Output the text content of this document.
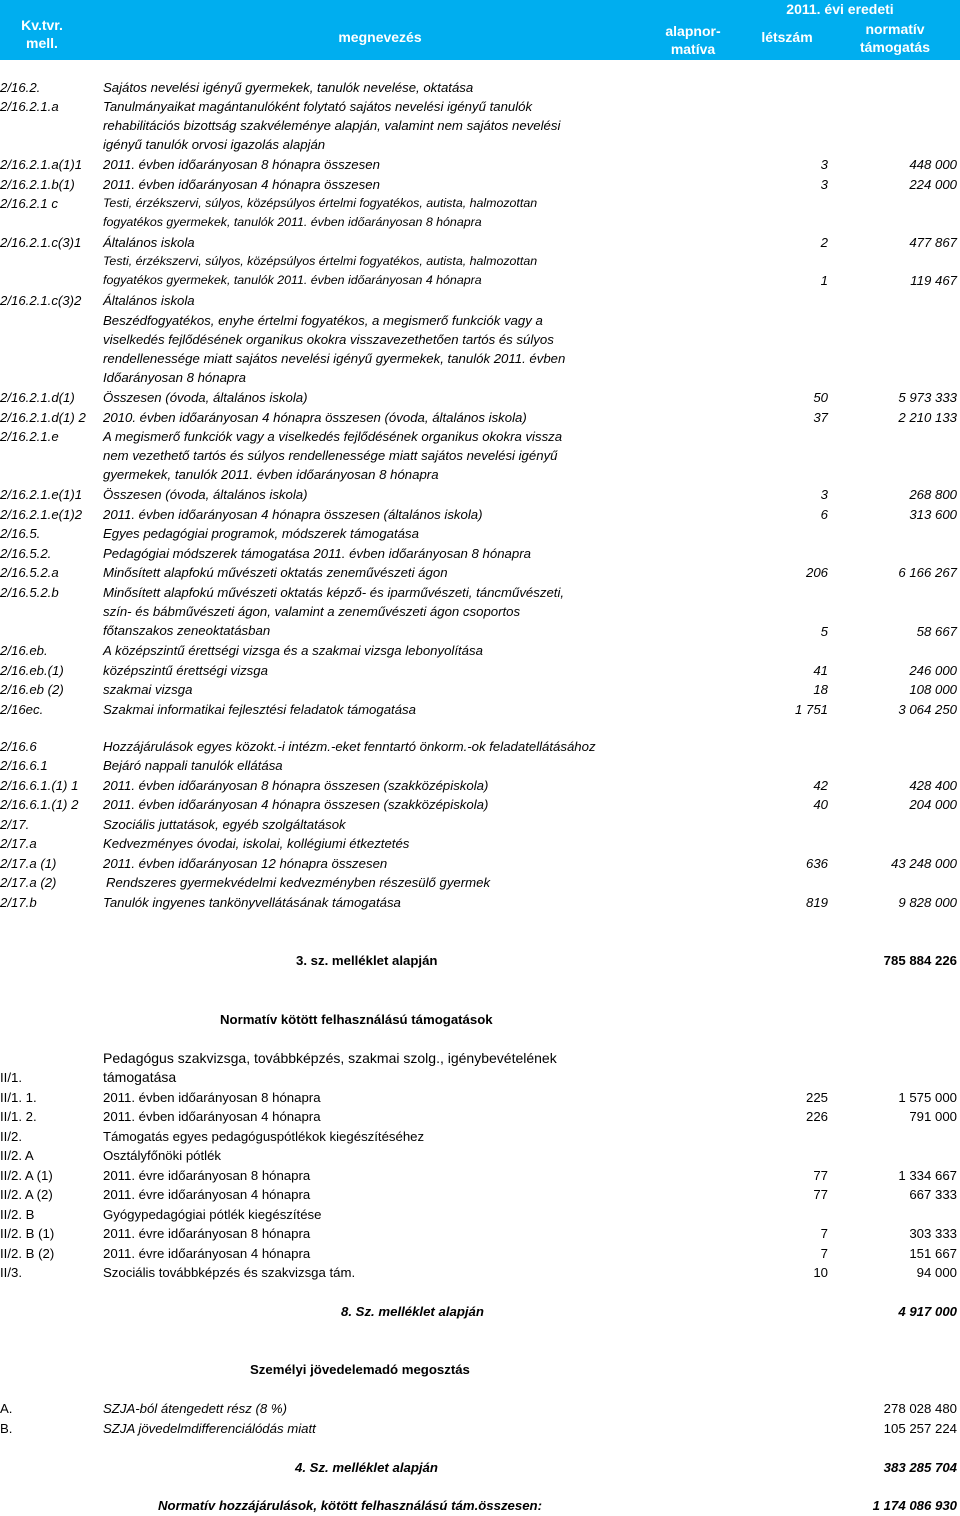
Kv.tvr.
mell.	megnevezés	alapnor-
matíva
2011. évi eredeti
létszám	normatív
támogatás
2/16.2.	Sajátos nevelési igényű gyermekek, tanulók nevelése, oktatása
2/16.2.1.a	Tanulmányaikat magántanulóként folytató sajátos nevelési igényű tanulók rehabilitációs bizottság szakvéleménye alapján, valamint nem sajátos nevelési igényű tanulók orvosi igazolás alapján
2/16.2.1.a(1)1 2011. évben időarányosan 8 hónapra összesen	3	448 000
2/16.2.1.b(1) 2011. évben időarányosan 4 hónapra összesen	3	224 000
2/16.2.1 c	Testi, érzékszervi, súlyos, középsúlyos értelmi fogyatékos, autista, halmozottan fogyatékos gyermekek, tanulók 2011. évben időarányosan 8 hónapra
2/16.2.1.c(3)1 Általános iskola	2	477 867
Testi, érzékszervi, súlyos, középsúlyos értelmi fogyatékos, autista, halmozottan fogyatékos gyermekek, tanulók 2011. évben időarányosan 4 hónapra	1	119 467
2/16.2.1.c(3)2 Általános iskola
Beszédfogyatékos, enyhe értelmi fogyatékos, a megismerő funkciók vagy a viselkedés fejlődésének organikus okokra visszavezethetően tartós és súlyos rendellenessége miatt sajátos nevelési igényű gyermekek, tanulók 2011. évben Időarányosan 8 hónapra
2/16.2.1.d(1) Összesen (óvoda, általános iskola)	50	5 973 333
2/16.2.1.d(1) 2 2010. évben időarányosan 4 hónapra összesen (óvoda, általános iskola)	37	2 210 133
2/16.2.1.e	A megismerő funkciók vagy a viselkedés fejlődésének organikus okokra vissza nem vezethető tartós és súlyos rendellenessége miatt sajátos nevelési igényű gyermekek, tanulók 2011. évben időarányosan 8 hónapra
2/16.2.1.e(1)1 Összesen (óvoda, általános iskola)	3	268 800
2/16.2.1.e(1)2 2011. évben időarányosan 4 hónapra összesen (általános iskola)	6	313 600
2/16.5.	Egyes pedagógiai programok, módszerek támogatása
2/16.5.2.	Pedagógiai módszerek támogatása 2011. évben időarányosan 8 hónapra
2/16.5.2.a	Minősített alapfokú művészeti oktatás zeneművészeti ágon	206	6 166 267
2/16.5.2.b	Minősített alapfokú művészeti oktatás képző- és iparművészeti, táncművészeti, szín- és bábművészeti ágon, valamint a zeneművészeti ágon csoportos főtanszakos zeneoktatásban	5	58 667
2/16.eb.	A középszintű érettségi vizsga és a szakmai vizsga lebonyolítása
2/16.eb.(1)	középszintű érettségi vizsga	41	246 000
2/16.eb (2)	szakmai vizsga	18	108 000
2/16ec.	Szakmai informatikai fejlesztési feladatok támogatása	1 751	3 064 250
2/16.6	Hozzájárulások egyes közokt.-i intézm.-eket fenntartó önkorm.-ok feladatellátásához
2/16.6.1	Bejáró nappali tanulók ellátása
2/16.6.1.(1) 1 2011. évben időarányosan 8 hónapra összesen (szakközépiskola)	42	428 400
2/16.6.1.(1) 2 2011. évben időarányosan 4 hónapra összesen (szakközépiskola)	40	204 000
2/17.	Szociális juttatások, egyéb szolgáltatások
2/17.a	Kedvezményes óvodai, iskolai, kollégiumi étkeztetés
2/17.a (1)	2011. évben időarányosan 12 hónapra összesen	636	43 248 000
2/17.a (2)	Rendszeres gyermekvédelmi kedvezményben részesülő gyermek
2/17.b	Tanulók ingyenes tankönyvellátásának támogatása	819	9 828 000
3. sz. melléklet alapján	785 884 226
Normatív kötött felhasználású támogatások
II/1.
Pedagógus szakvizsga, továbbképzés, szakmai szolg., igénybevételének támogatása
II/1. 1.	2011. évben időarányosan 8 hónapra	225	1 575 000
II/1. 2.	2011. évben időarányosan 4 hónapra	226	791 000
II/2.	Támogatás egyes pedagóguspótlékok kiegészítéséhez
II/2. A	Osztályfőnöki pótlék
II/2. A (1)	2011. évre időarányosan 8 hónapra	77	1 334 667
II/2. A (2)	2011. évre időarányosan 4 hónapra	77	667 333
II/2. B	Gyógypedagógiai pótlék kiegészítése
II/2. B (1)	2011. évre időarányosan 8 hónapra	7	303 333
II/2. B (2)	2011. évre időarányosan 4 hónapra	7	151 667
II/3.	Szociális továbbképzés és szakvizsga tám.	10	94 000
8. Sz. melléklet alapján	4 917 000
Személyi jövedelemadó megosztás
A.	SZJA-ból átengedett rész (8 %)	278 028 480
B.	SZJA jövedelmdifferenciálódás miatt	105 257 224
4. Sz. melléklet alapján	383 285 704
Normatív hozzájárulások, kötött felhasználású tám.összesen:	1 174 086 930
